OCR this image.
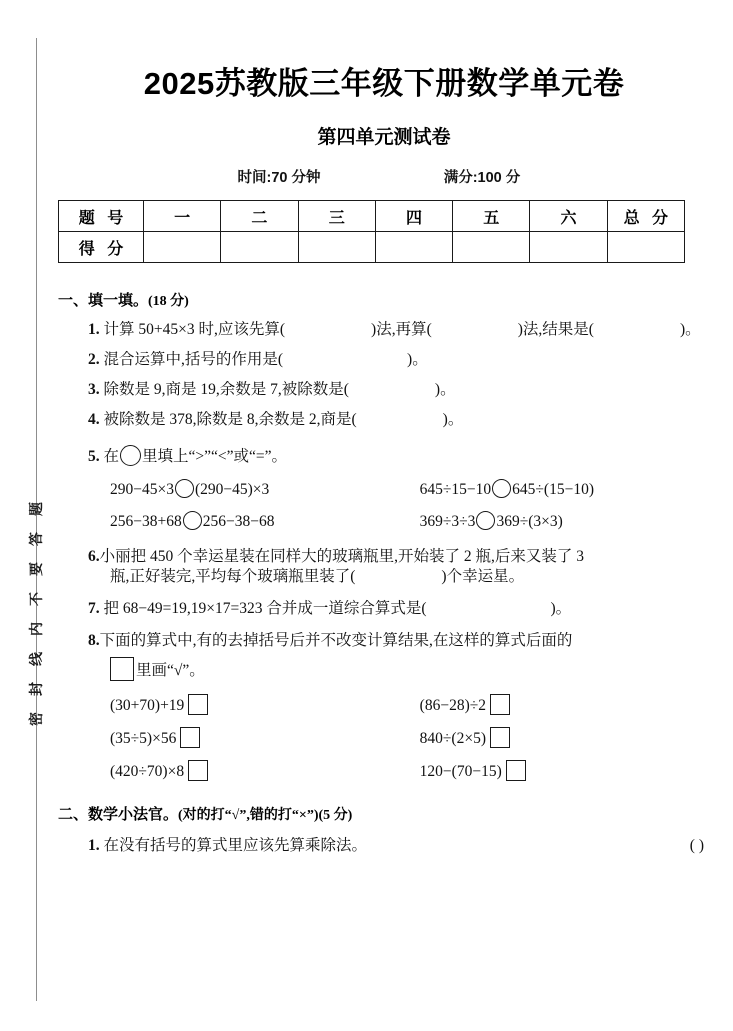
密封线内不要答题
2025苏教版三年级下册数学单元卷
第四单元测试卷
时间:70 分钟	满分:100 分
题 号	一	二	三	四	五	六	总 分
得 分							
一、填一填。(18 分)
1. 计算 50+45×3 时,应该先算(	)法,再算(	)法,结果是(	)。
2. 混合运算中,括号的作用是(	)。
3. 除数是 9,商是 19,余数是 7,被除数是(	)。
4. 被除数是 378,除数是 8,余数是 2,商是(	)。
5. 在 里填上“>”“<”或“=”。
290−45×3 (290−45)×3	645÷15−10 645÷(15−10)
256−38+68 256−38−68	369÷3÷3 369÷(3×3)
6.小丽把 450 个幸运星装在同样大的玻璃瓶里,开始装了 2 瓶,后来又装了 3
瓶,正好装完,平均每个玻璃瓶里装了(	)个幸运星。
7. 把 68−49=19,19×17=323 合并成一道综合算式是(	)。
8.下面的算式中,有的去掉括号后并不改变计算结果,在这样的算式后面的
里画“√”。
(30+70)+19	(86−28)÷2
(35÷5)×56	840÷(2×5)
(420÷70)×8	120−(70−15)
二、数学小法官。(对的打“√”,错的打“×”)(5 分)
1. 在没有括号的算式里应该先算乘除法。	( )
